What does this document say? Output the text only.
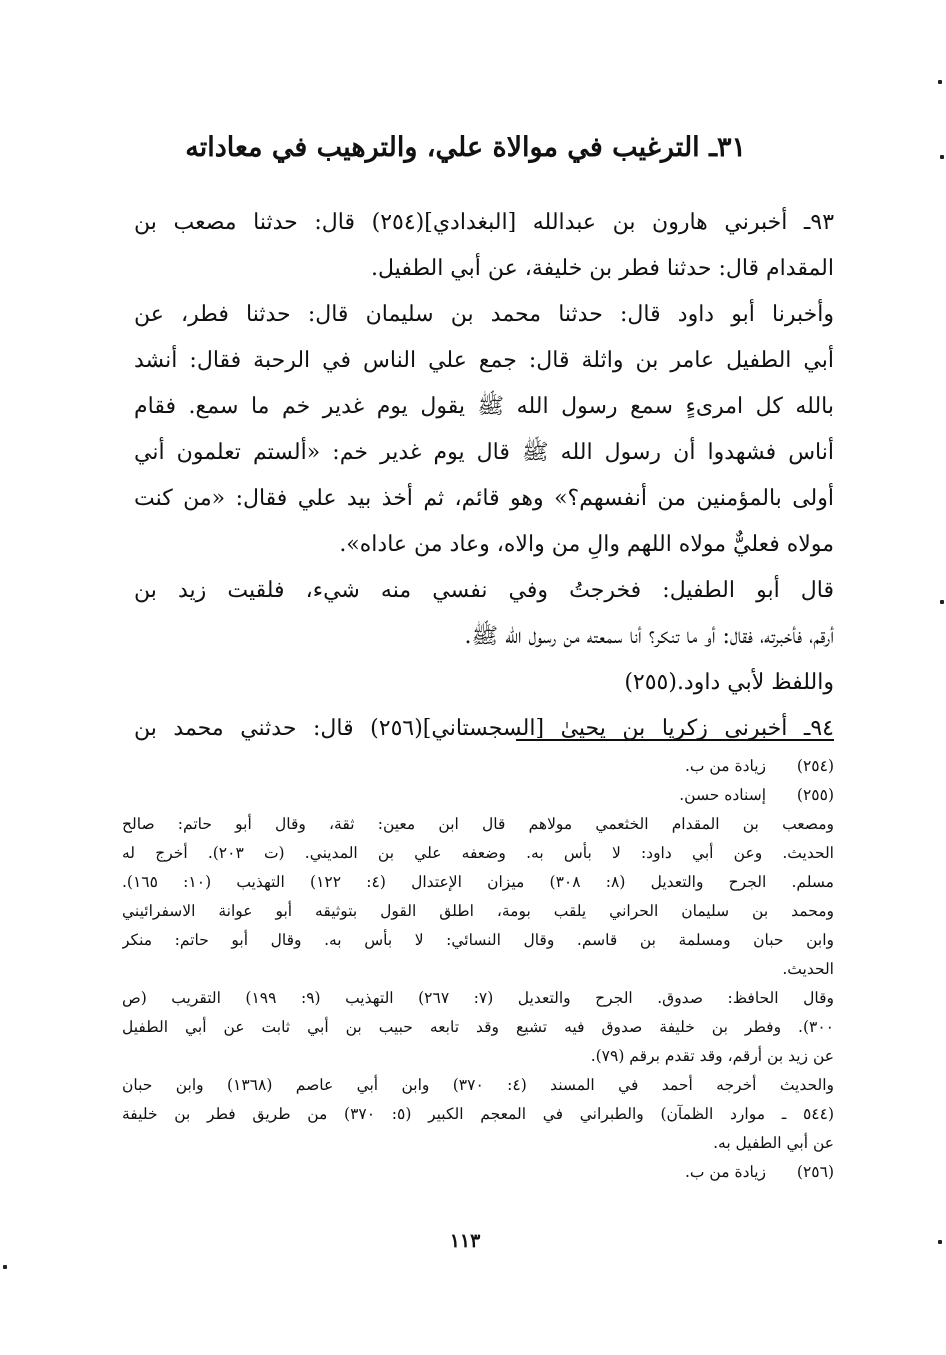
٣١ـ الترغيب في موالاة علي، والترهيب في معاداته
٩٣ـ أخبرني هارون بن عبدالله [البغدادي](٢٥٤) قال: حدثنا مصعب بن
المقدام قال: حدثنا فطر بن خليفة، عن أبي الطفيل.
وأخبرنا أبو داود قال: حدثنا محمد بن سليمان قال: حدثنا فطر، عن
أبي الطفيل عامر بن واثلة قال: جمع علي الناس في الرحبة فقال: أنشد
بالله كل امرىءٍ سمع رسول الله ﷺ يقول يوم غدير خم ما سمع. فقام
أناس فشهدوا أن رسول الله ﷺ قال يوم غدير خم: «ألستم تعلمون أني
أولى بالمؤمنين من أنفسهم؟» وهو قائم، ثم أخذ بيد علي فقال: «من كنت
مولاه فعليٌّ مولاه اللهم والِ من والاه، وعاد من عاداه».
قال أبو الطفيل: فخرجتُ وفي نفسي منه شيء، فلقيت زيد بن
أرقم، فأخبرته، فقال: أو ما تنكر؟ أنا سمعته من رسول الله ﷺ.
واللفظ لأبي داود.(٢٥٥)
٩٤ـ أخبرني زكريا بن يحيىٰ [السجستاني](٢٥٦) قال: حدثني محمد بن
(٢٥٤)زيادة من ب.
(٢٥٥)إسناده حسن.
ومصعب بن المقدام الخثعمي مولاهم قال ابن معين: ثقة، وقال أبو حاتم: صالح
الحديث. وعن أبي داود: لا بأس به. وضعفه علي بن المديني. (ت ٢٠٣). أخرج له
مسلم. الجرح والتعديل (٨: ٣٠٨) ميزان الإعتدال (٤: ١٢٢) التهذيب (١٠: ١٦٥).
ومحمد بن سليمان الحراني يلقب بومة، اطلق القول بتوثيقه أبو عوانة الاسفرائيني
وابن حبان ومسلمة بن قاسم. وقال النسائي: لا بأس به. وقال أبو حاتم: منكر
الحديث.
وقال الحافظ: صدوق. الجرح والتعديل (٧: ٢٦٧) التهذيب (٩: ١٩٩) التقريب (ص
٣٠٠). وفطر بن خليفة صدوق فيه تشيع وقد تابعه حبيب بن أبي ثابت عن أبي الطفيل
عن زيد بن أرقم، وقد تقدم برقم (٧٩).
والحديث أخرجه أحمد في المسند (٤: ٣٧٠) وابن أبي عاصم (١٣٦٨) وابن حبان
(٥٤٤ ـ موارد الظمآن) والطبراني في المعجم الكبير (٥: ٣٧٠) من طريق فطر بن خليفة
عن أبي الطفيل به.
(٢٥٦)زيادة من ب.
١١٣
